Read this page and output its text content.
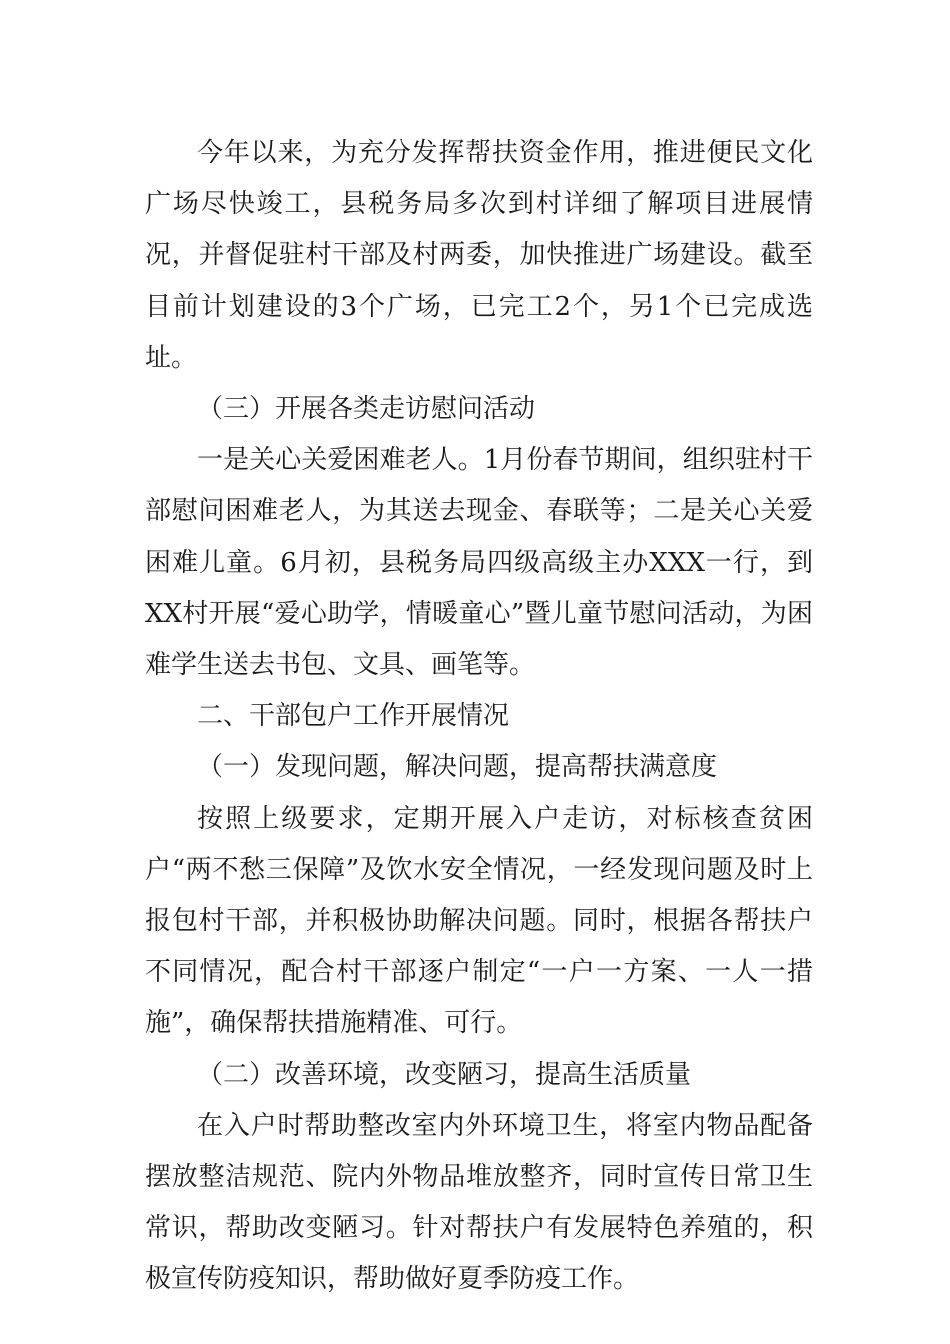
今年以来，为充分发挥帮扶资金作用，推进便民文化广场尽快竣工，县税务局多次到村详细了解项目进展情况，并督促驻村干部及村两委，加快推进广场建设。截至目前计划建设的3个广场，已完工2个，另1个已完成选址。

（三）开展各类走访慰问活动

一是关心关爱困难老人。1月份春节期间，组织驻村干部慰问困难老人，为其送去现金、春联等；二是关心关爱困难儿童。6月初，县税务局四级高级主办XXX一行，到XX村开展“爱心助学，情暖童心”暨儿童节慰问活动，为困难学生送去书包、文具、画笔等。

二、干部包户工作开展情况

（一）发现问题，解决问题，提高帮扶满意度

按照上级要求，定期开展入户走访，对标核查贫困户“两不愁三保障”及饮水安全情况，一经发现问题及时上报包村干部，并积极协助解决问题。同时，根据各帮扶户不同情况，配合村干部逐户制定“一户一方案、一人一措施”，确保帮扶措施精准、可行。

（二）改善环境，改变陋习，提高生活质量

在入户时帮助整改室内外环境卫生，将室内物品配备摆放整洁规范、院内外物品堆放整齐，同时宣传日常卫生常识，帮助改变陋习。针对帮扶户有发展特色养殖的，积极宣传防疫知识，帮助做好夏季防疫工作。
